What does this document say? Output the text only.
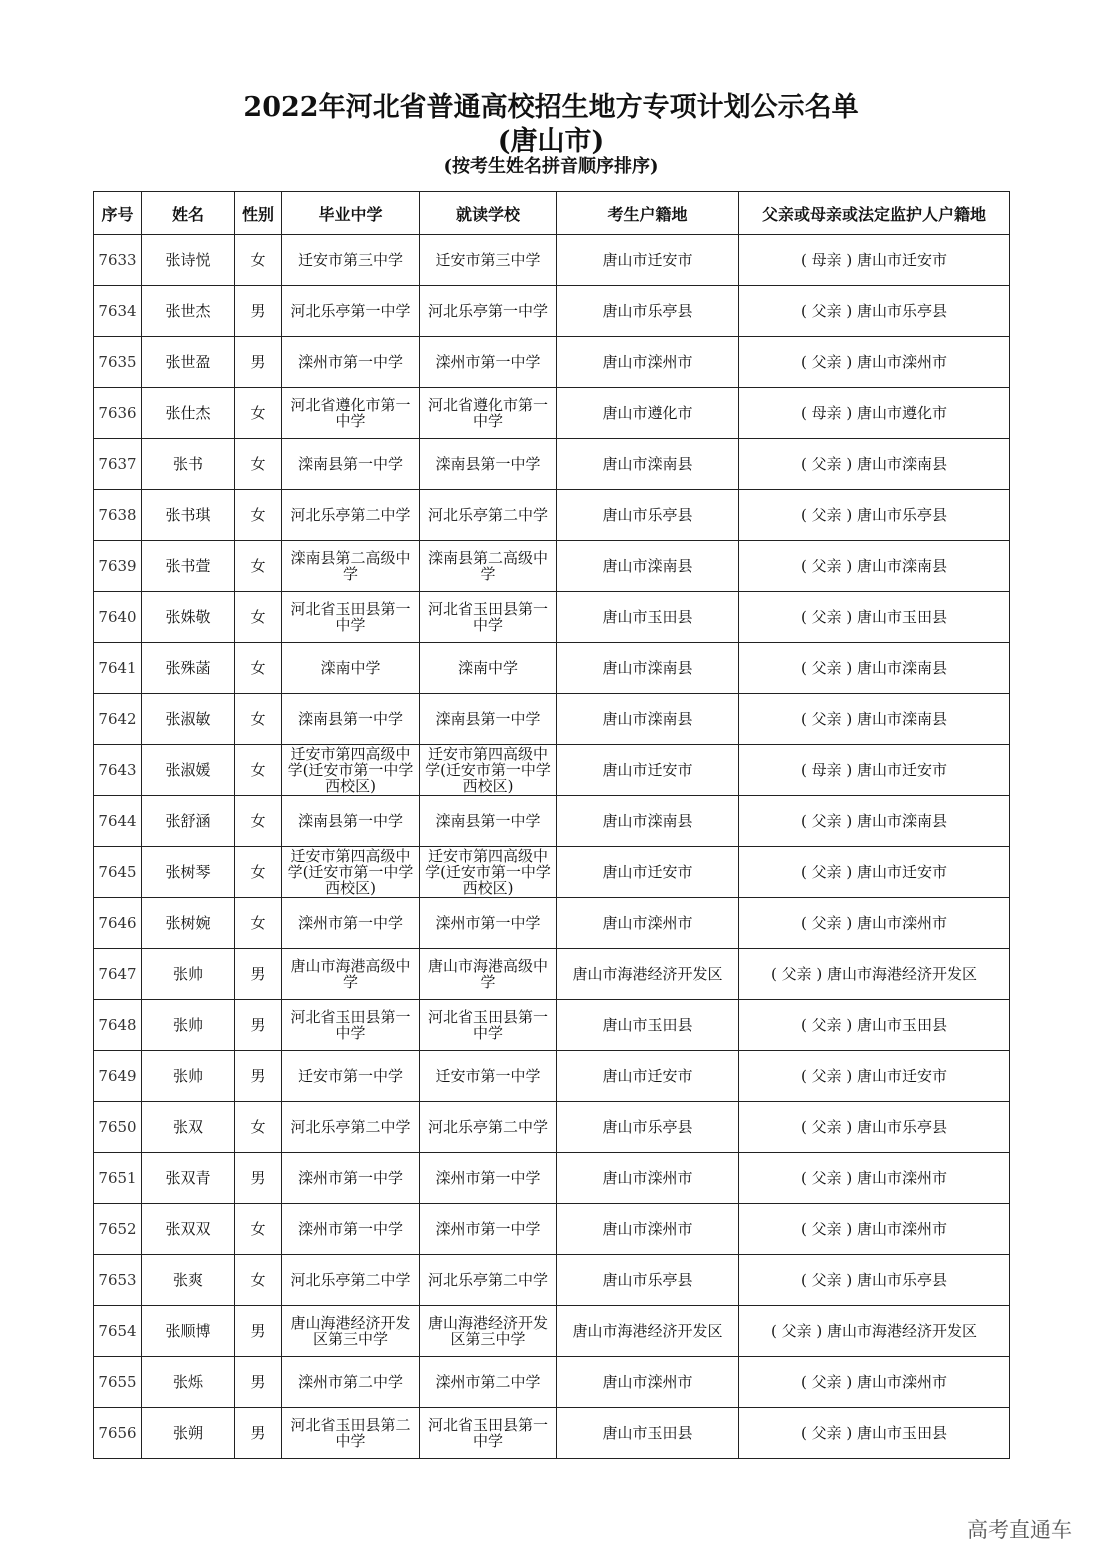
2022年河北省普通高校招生地方专项计划公示名单
(唐山市)
(按考生姓名拼音顺序排序)
序号	姓名	性别	毕业中学	就读学校	考生户籍地	父亲或母亲或法定监护人户籍地
7633	张诗悦	女	迁安市第三中学	迁安市第三中学	唐山市迁安市	( 母亲 ) 唐山市迁安市
7634	张世杰	男	河北乐亭第一中学	河北乐亭第一中学	唐山市乐亭县	( 父亲 ) 唐山市乐亭县
7635	张世盈	男	滦州市第一中学	滦州市第一中学	唐山市滦州市	( 父亲 ) 唐山市滦州市
7636	张仕杰	女	河北省遵化市第一中学	河北省遵化市第一中学	唐山市遵化市	( 母亲 ) 唐山市遵化市
7637	张书	女	滦南县第一中学	滦南县第一中学	唐山市滦南县	( 父亲 ) 唐山市滦南县
7638	张书琪	女	河北乐亭第二中学	河北乐亭第二中学	唐山市乐亭县	( 父亲 ) 唐山市乐亭县
7639	张书萱	女	滦南县第二高级中学	滦南县第二高级中学	唐山市滦南县	( 父亲 ) 唐山市滦南县
7640	张姝敬	女	河北省玉田县第一中学	河北省玉田县第一中学	唐山市玉田县	( 父亲 ) 唐山市玉田县
7641	张殊菡	女	滦南中学	滦南中学	唐山市滦南县	( 父亲 ) 唐山市滦南县
7642	张淑敏	女	滦南县第一中学	滦南县第一中学	唐山市滦南县	( 父亲 ) 唐山市滦南县
7643	张淑媛	女	迁安市第四高级中学(迁安市第一中学西校区)	迁安市第四高级中学(迁安市第一中学西校区)	唐山市迁安市	( 母亲 ) 唐山市迁安市
7644	张舒涵	女	滦南县第一中学	滦南县第一中学	唐山市滦南县	( 父亲 ) 唐山市滦南县
7645	张树琴	女	迁安市第四高级中学(迁安市第一中学西校区)	迁安市第四高级中学(迁安市第一中学西校区)	唐山市迁安市	( 父亲 ) 唐山市迁安市
7646	张树婉	女	滦州市第一中学	滦州市第一中学	唐山市滦州市	( 父亲 ) 唐山市滦州市
7647	张帅	男	唐山市海港高级中学	唐山市海港高级中学	唐山市海港经济开发区	( 父亲 ) 唐山市海港经济开发区
7648	张帅	男	河北省玉田县第一中学	河北省玉田县第一中学	唐山市玉田县	( 父亲 ) 唐山市玉田县
7649	张帅	男	迁安市第一中学	迁安市第一中学	唐山市迁安市	( 父亲 ) 唐山市迁安市
7650	张双	女	河北乐亭第二中学	河北乐亭第二中学	唐山市乐亭县	( 父亲 ) 唐山市乐亭县
7651	张双青	男	滦州市第一中学	滦州市第一中学	唐山市滦州市	( 父亲 ) 唐山市滦州市
7652	张双双	女	滦州市第一中学	滦州市第一中学	唐山市滦州市	( 父亲 ) 唐山市滦州市
7653	张爽	女	河北乐亭第二中学	河北乐亭第二中学	唐山市乐亭县	( 父亲 ) 唐山市乐亭县
7654	张顺博	男	唐山海港经济开发区第三中学	唐山海港经济开发区第三中学	唐山市海港经济开发区	( 父亲 ) 唐山市海港经济开发区
7655	张烁	男	滦州市第二中学	滦州市第二中学	唐山市滦州市	( 父亲 ) 唐山市滦州市
7656	张朔	男	河北省玉田县第二中学	河北省玉田县第一中学	唐山市玉田县	( 父亲 ) 唐山市玉田县
高考直通车
